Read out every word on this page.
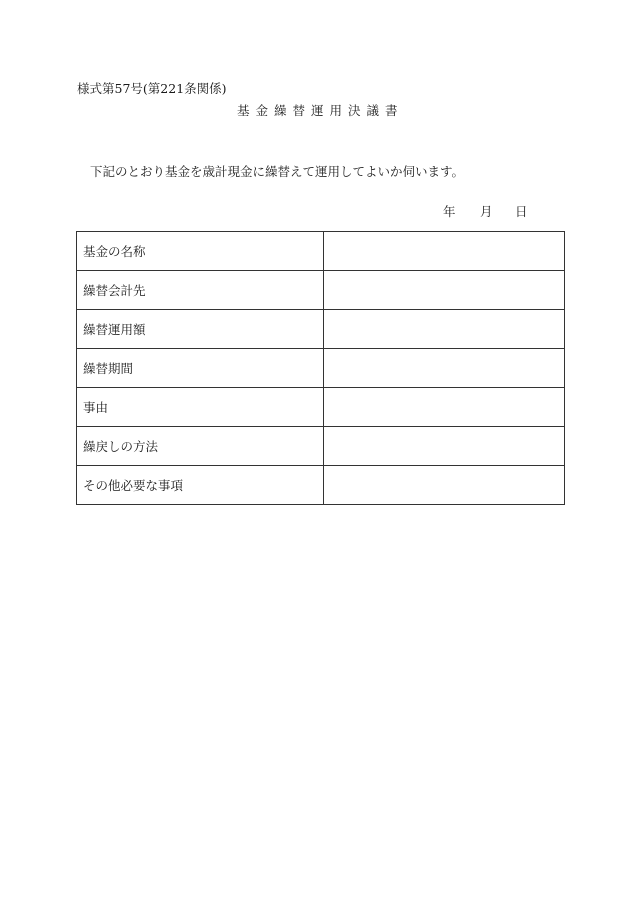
様式第57号(第221条関係)
基金繰替運用決議書
下記のとおり基金を歳計現金に繰替えて運用してよいか伺います。
年 月 日
基金の名称	
繰替会計先	
繰替運用額	
繰替期間	
事由	
繰戻しの方法	
その他必要な事項	
